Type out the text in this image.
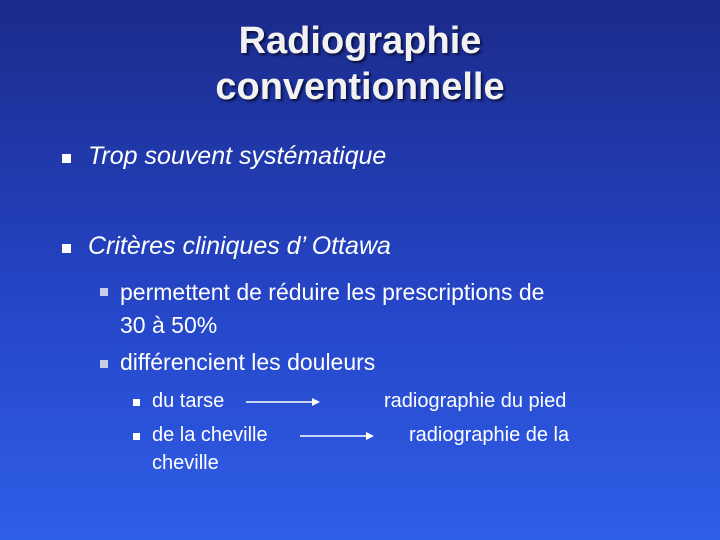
Radiographie
conventionnelle
Trop souvent systématique
Critères cliniques d’ Ottawa
permettent de réduire les prescriptions de
30 à 50%
différencient les douleurs
du tarse	radiographie du pied
de la cheville
cheville
radiographie de la
